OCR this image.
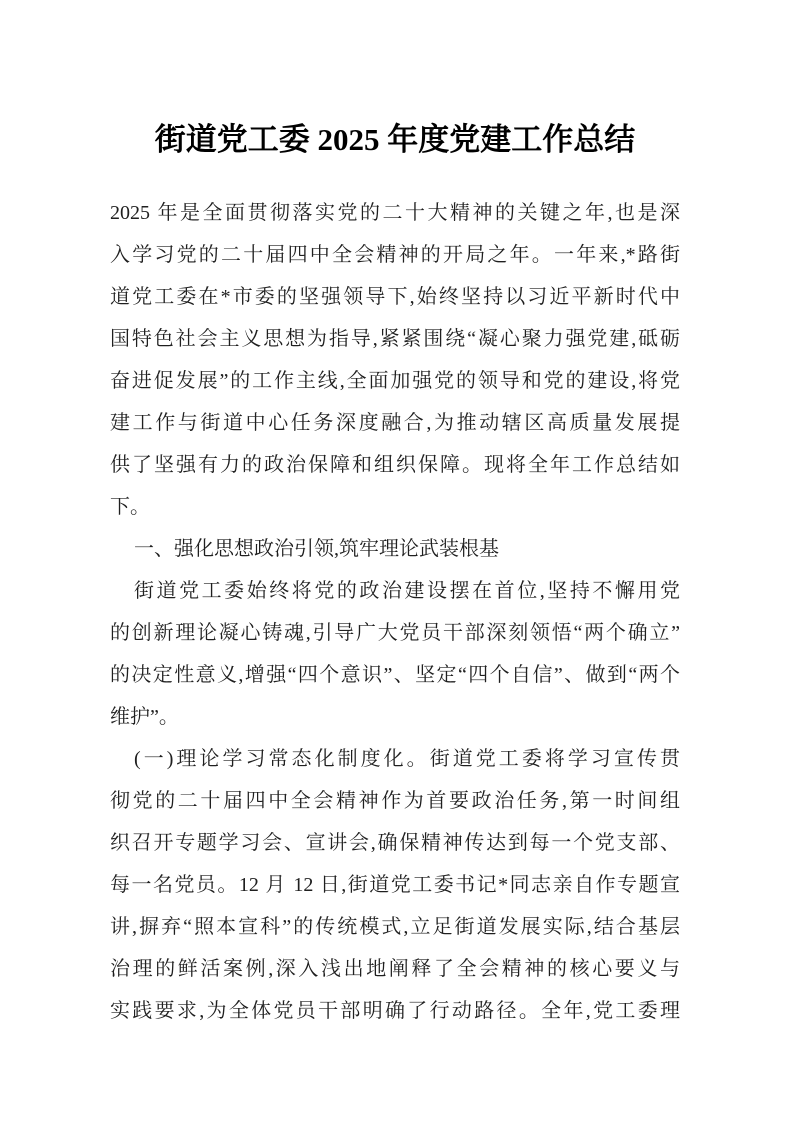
街道党工委 2025 年度党建工作总结
2025 年是全面贯彻落实党的二十大精神的关键之年,也是深
入学习党的二十届四中全会精神的开局之年。一年来,*路街
道党工委在*市委的坚强领导下,始终坚持以习近平新时代中
国特色社会主义思想为指导,紧紧围绕“凝心聚力强党建,砥砺
奋进促发展”的工作主线,全面加强党的领导和党的建设,将党
建工作与街道中心任务深度融合,为推动辖区高质量发展提
供了坚强有力的政治保障和组织保障。现将全年工作总结如
下。
一、强化思想政治引领,筑牢理论武装根基
街道党工委始终将党的政治建设摆在首位,坚持不懈用党
的创新理论凝心铸魂,引导广大党员干部深刻领悟“两个确立”
的决定性意义,增强“四个意识”、坚定“四个自信”、做到“两个
维护”。
(一)理论学习常态化制度化。街道党工委将学习宣传贯
彻党的二十届四中全会精神作为首要政治任务,第一时间组
织召开专题学习会、宣讲会,确保精神传达到每一个党支部、
每一名党员。12 月 12 日,街道党工委书记*同志亲自作专题宣
讲,摒弃“照本宣科”的传统模式,立足街道发展实际,结合基层
治理的鲜活案例,深入浅出地阐释了全会精神的核心要义与
实践要求,为全体党员干部明确了行动路径。全年,党工委理
